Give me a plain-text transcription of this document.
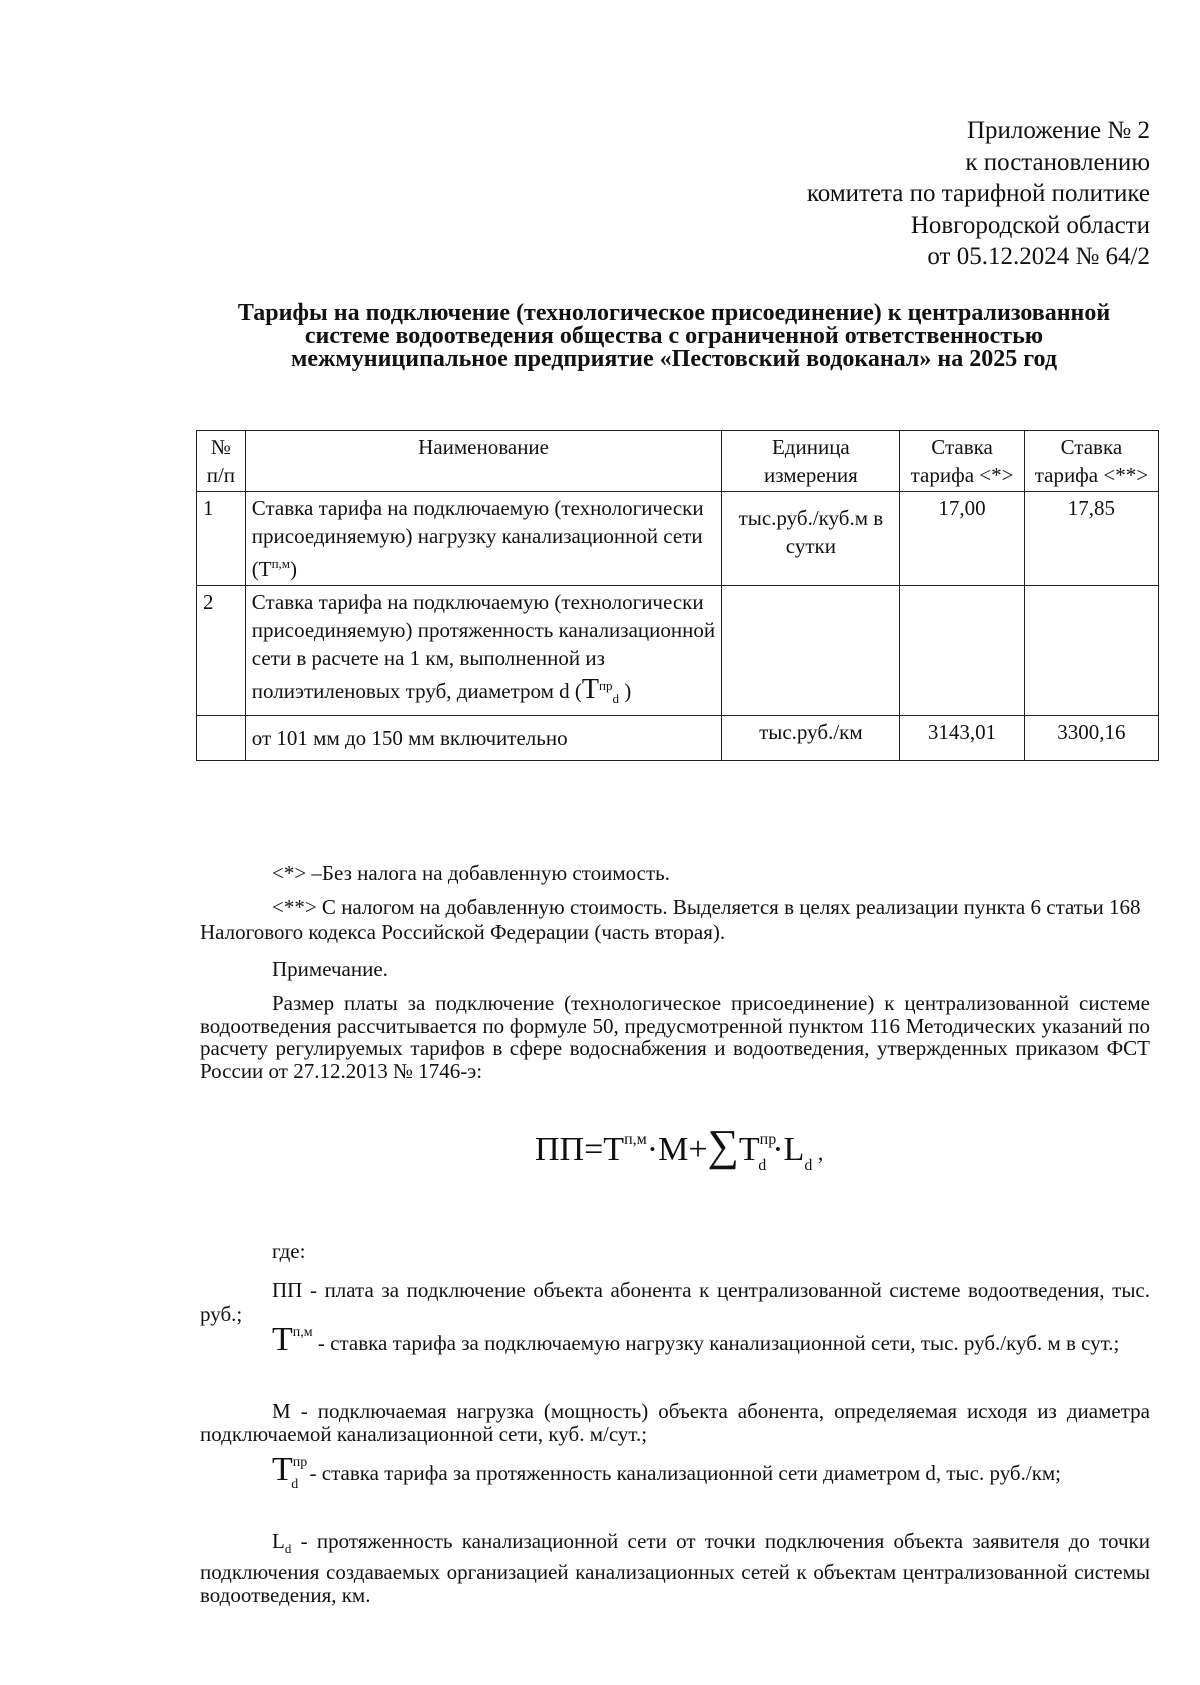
Приложение № 2
к постановлению
комитета по тарифной политике
Новгородской области
от 05.12.2024 № 64/2
Тарифы на подключение (технологическое присоединение) к централизованной системе водоотведения общества с ограниченной ответственностью межмуниципальное предприятие «Пестовский водоканал» на 2025 год
№ п/п	Наименование	Единица измерения	Ставка тарифа <*>	Ставка тарифа <**>
1	Ставка тарифа на подключаемую (технологически присоединяемую) нагрузку канализационной сети $(Т^{п,м})$	тыс.руб./куб.м в сутки	17,00	17,85
2	Ставка тарифа на подключаемую (технологически присоединяемую) протяженность канализационной сети в расчете на 1 км, выполненной из полиэтиленовых труб, диаметром d ($Т^{пр}_d$ )			
	от 101 мм до 150 мм включительно	тыс.руб./км	3143,01	3300,16
<*> –Без налога на добавленную стоимость.
<**> С налогом на добавленную стоимость. Выделяется в целях реализации пункта 6 статьи 168 Налогового кодекса Российской Федерации (часть вторая).
Примечание.
Размер платы за подключение (технологическое присоединение) к централизованной системе водоотведения рассчитывается по формуле 50, предусмотренной пунктом 116 Методических указаний по расчету регулируемых тарифов в сфере водоснабжения и водоотведения, утвержденных приказом ФСТ России от 27.12.2013 № 1746-э:
$ПП=Т^{п,м}\cdot М+\sum Т^{пр}_d \cdot L_d$ ,
где:
ПП - плата за подключение объекта абонента к централизованной системе водоотведения, тыс. руб.;
$Т^{п,м}$ - ставка тарифа за подключаемую нагрузку канализационной сети, тыс. руб./куб. м в сут.;
М - подключаемая нагрузка (мощность) объекта абонента, определяемая исходя из диаметра подключаемой канализационной сети, куб. м/сут.;
$Т^{пр}_d$ - ставка тарифа за протяженность канализационной сети диаметром d, тыс. руб./км;
$L_d$ - протяженность канализационной сети от точки подключения объекта заявителя до точки подключения создаваемых организацией канализационных сетей к объектам централизованной системы водоотведения, км.
